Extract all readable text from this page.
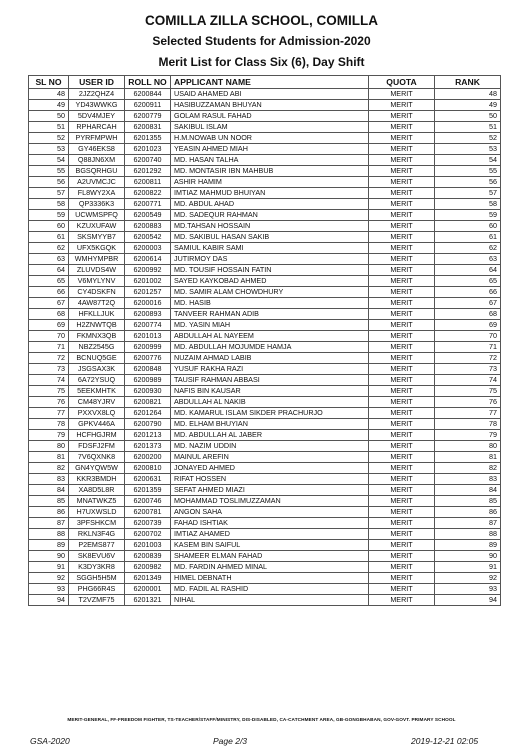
COMILLA ZILLA SCHOOL, COMILLA
Selected Students for Admission-2020
Merit List for Class Six (6), Day Shift
SL NO	USER ID	ROLL NO	APPLICANT NAME	QUOTA	RANK
48	2JZ2QHZ4	6200844	USAID AHAMED ABI	MERIT	48
49	YD43WWKG	6200911	HASIBUZZAMAN BHUYAN	MERIT	49
50	5DV4MJEY	6200779	GOLAM RASUL FAHAD	MERIT	50
51	RPHARCAH	6200831	SAKIBUL ISLAM	MERIT	51
52	PYRFMPWH	6201355	H.M.NOWAB UN NOOR	MERIT	52
53	GY46EKS8	6201023	YEASIN AHMED MIAH	MERIT	53
54	Q88JN6XM	6200740	MD. HASAN TALHA	MERIT	54
55	BGSQRHGU	6201292	MD. MONTASIR IBN MAHBUB	MERIT	55
56	A2UVMCJC	6200811	ASHIR HAMIM	MERIT	56
57	FL8WY2XA	6200822	IMTIAZ MAHMUD BHUIYAN	MERIT	57
58	QP3336K3	6200771	MD. ABDUL AHAD	MERIT	58
59	UCWMSPFQ	6200549	MD. SADEQUR RAHMAN	MERIT	59
60	KZUXUFAW	6200883	MD.TAHSAN HOSSAIN	MERIT	60
61	SKSMYYB7	6200542	MD. SAKIBUL HASAN SAKIB	MERIT	61
62	UFX5KGQK	6200003	SAMIUL KABIR SAMI	MERIT	62
63	WMHYMPBR	6200614	JUTIRMOY DAS	MERIT	63
64	ZLUVDS4W	6200992	MD. TOUSIF HOSSAIN FATIN	MERIT	64
65	V6MYLYNV	6201002	SAYED KAYKOBAD AHMED	MERIT	65
66	CY4DSKFN	6201257	MD. SAMIR ALAM CHOWDHURY	MERIT	66
67	4AW87T2Q	6200016	MD. HASIB	MERIT	67
68	HFKLLJUK	6200893	TANVEER RAHMAN ADIB	MERIT	68
69	H2ZNWTQB	6200774	MD. YASIN MIAH	MERIT	69
70	FKMNX3QB	6201013	ABDULLAH AL NAYEEM	MERIT	70
71	NBZ2545G	6200999	MD. ABDULLAH MOJUMDE HAMJA	MERIT	71
72	BCNUQ5GE	6200776	NUZAIM AHMAD LABIB	MERIT	72
73	JSGSAX3K	6200848	YUSUF RAKHA RAZI	MERIT	73
74	6A72YSUQ	6200989	TAUSIF RAHMAN ABBASI	MERIT	74
75	5EEKMHTK	6200930	NAFIS BIN KAUSAR	MERIT	75
76	CM48YJRV	6200821	ABDULLAH AL NAKIB	MERIT	76
77	PXXVX8LQ	6201264	MD. KAMARUL ISLAM SIKDER PRACHURJO	MERIT	77
78	GPKV446A	6200790	MD. ELHAM BHUYIAN	MERIT	78
79	HCFHGJRM	6201213	MD. ABDULLAH AL JABER	MERIT	79
80	FDSFJ2FM	6201373	MD. NAZIM UDDIN	MERIT	80
81	7V6QXNK8	6200200	MAINUL AREFIN	MERIT	81
82	GN4YQW5W	6200810	JONAYED AHMED	MERIT	82
83	KKR3BMDH	6200631	RIFAT HOSSEN	MERIT	83
84	XA8D5L8R	6201359	SEFAT AHMED MIAZI	MERIT	84
85	MNATWKZ5	6200746	MOHAMMAD TOSLIMUZZAMAN	MERIT	85
86	H7UXWSLD	6200781	ANGON SAHA	MERIT	86
87	3PFSHKCM	6200739	FAHAD ISHTIAK	MERIT	87
88	RKLN3F4G	6200702	IMTIAZ AHAMED	MERIT	88
89	P2EMS877	6201003	KASEM BIN SAIFUL	MERIT	89
90	SK8EVU6V	6200839	SHAMEER ELMAN FAHAD	MERIT	90
91	K3DY3KR8	6200982	MD. FARDIN AHMED MINAL	MERIT	91
92	SGGH5H5M	6201349	HIMEL DEBNATH	MERIT	92
93	PHG66R4S	6200001	MD. FADIL AL RASHID	MERIT	93
94	T2VZMF75	6201321	NIHAL	MERIT	94
MERIT-GENERAL, FF-FREEDOM FIGHTER, TS-TEACHER/STAFF/MINISTRY, DIS-DISABLED, CA-CATCHMENT AREA, GB-GONGBHABAN, GOV-GOVT. PRIMARY SCHOOL
GSA-2020	Page 2/3	2019-12-21 02:05
